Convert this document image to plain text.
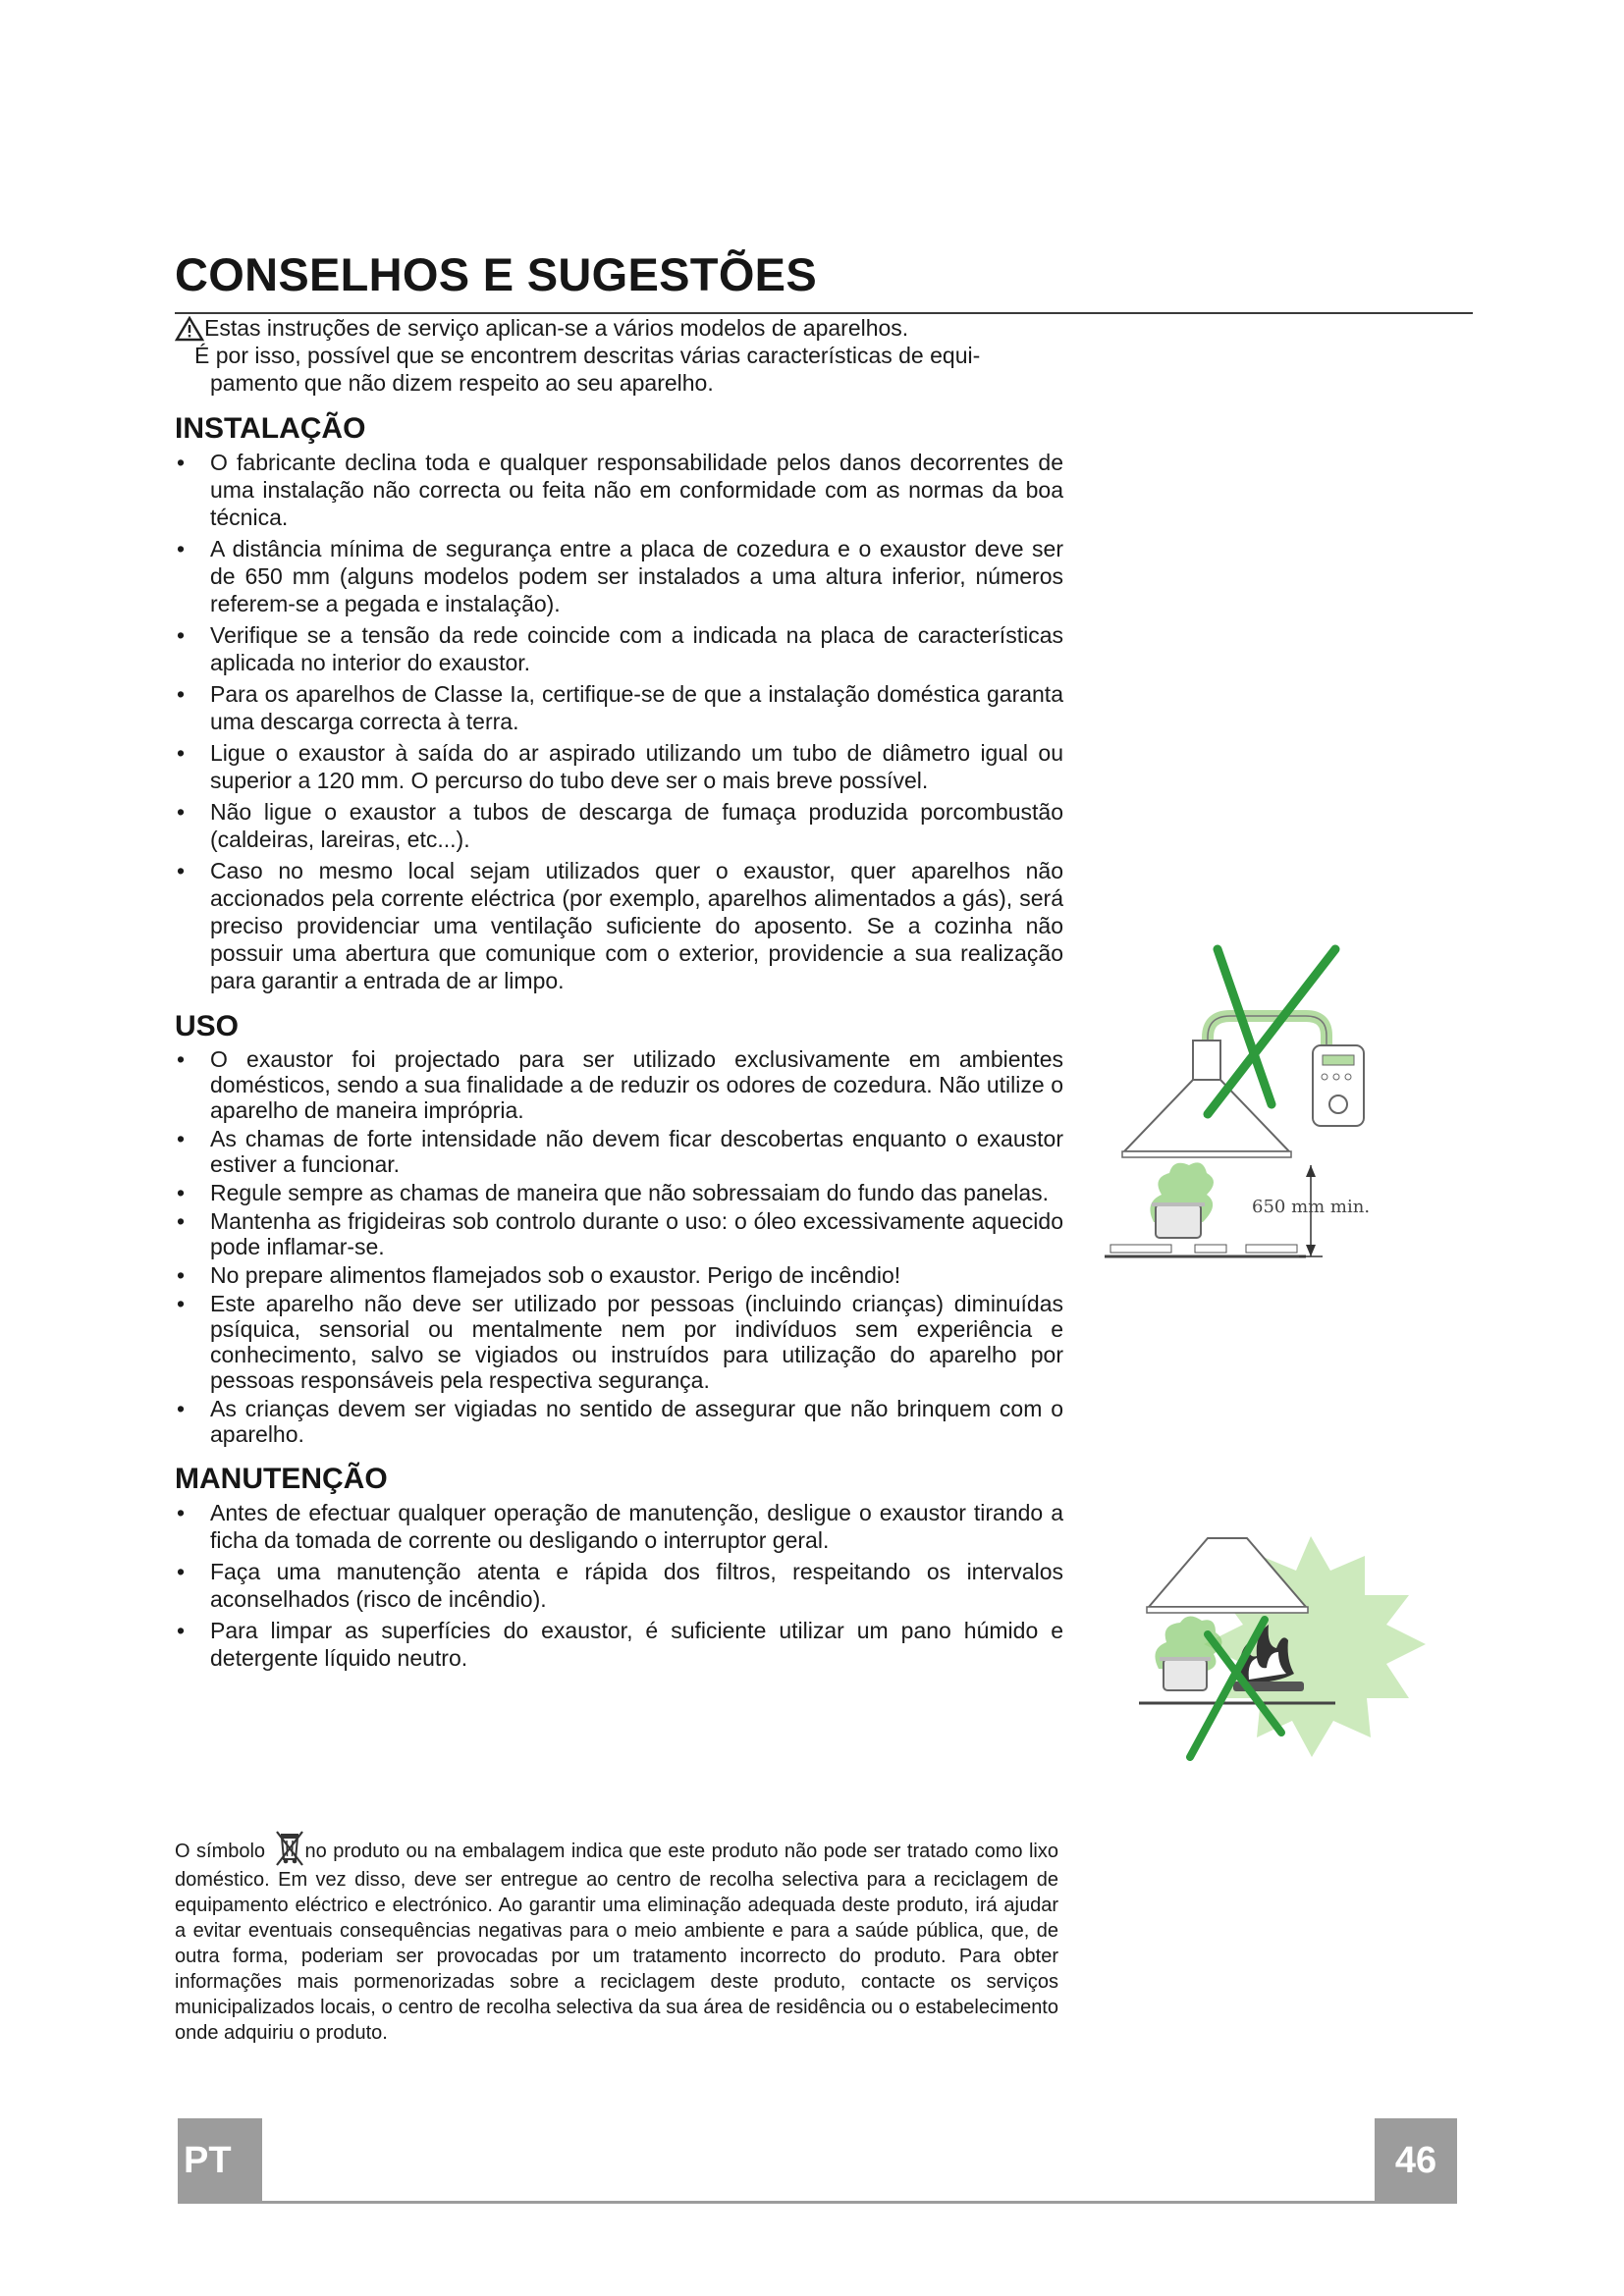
CONSELHOS E SUGESTÕES

Estas instruções de serviço aplican-se a vários modelos de aparelhos.

É por isso, possível que se encontrem descritas várias características de equi-

pamento que não dizem respeito ao seu aparelho.

INSTALAÇÃO
• O fabricante declina toda e qualquer responsabilidade pelos danos decorrentes de uma instalação não correcta ou feita não em conformidade com as normas da boa técnica.
• A distância mínima de segurança entre a placa de cozedura e o exaustor deve ser de 650 mm (alguns modelos podem ser instalados a uma altura inferior, números referem-se a pegada e instalação).
• Verifique se a tensão da rede coincide com a indicada na placa de características aplicada no interior do exaustor.
• Para os aparelhos de Classe Ia, certifique-se de que a instalação doméstica garanta uma descarga correcta à terra.
• Ligue o exaustor à saída do ar aspirado utilizando um tubo de diâmetro igual ou superior a 120 mm. O percurso do tubo deve ser o mais breve possível.
• Não ligue o exaustor a tubos de descarga de fumaça produzida porcombustão (caldeiras, lareiras, etc...).
• Caso no mesmo local sejam utilizados quer o exaustor, quer aparelhos não accionados pela corrente eléctrica (por exemplo, aparelhos alimentados a gás), será preciso providenciar uma ventilação suficiente do aposento. Se a cozinha não possuir uma abertura que comunique com o exterior, providencie a sua realização para garantir a entrada de ar limpo.
USO
• O exaustor foi projectado para ser utilizado exclusivamente em ambientes domésticos, sendo a sua finalidade a de reduzir os odores de cozedura. Não utilize o aparelho de maneira imprópria.
• As chamas de forte intensidade não devem ficar descobertas enquanto o exaustor estiver a funcionar.
• Regule sempre as chamas de maneira que não sobressaiam do fundo das panelas.
• Mantenha as frigideiras sob controlo durante o uso: o óleo excessivamente aquecido pode inflamar-se.
• No prepare alimentos flamejados sob o exaustor. Perigo de incêndio!
• Este aparelho não deve ser utilizado por pessoas (incluindo crianças) diminuídas psíquica, sensorial ou mentalmente nem por indivíduos sem experiência e conhecimento, salvo se vigiados ou instruídos para utilização do aparelho por pessoas responsáveis pela respectiva segurança.
• As crianças devem ser vigiadas no sentido de assegurar que não brinquem com o aparelho.
MANUTENÇÃO
• Antes de efectuar qualquer operação de manutenção, desligue o exaustor tirando a ficha da tomada de corrente ou desligando o interruptor geral.
• Faça uma manutenção atenta e rápida dos filtros, respeitando os intervalos aconselhados (risco de incêndio).
• Para limpar as superfícies do exaustor, é suficiente utilizar um pano húmido e detergente líquido neutro.

O símbolo no produto ou na embalagem indica que este produto não pode ser tratado como lixo doméstico. Em vez disso, deve ser entregue ao centro de recolha selectiva para a reciclagem de equipamento eléctrico e electrónico. Ao garantir uma eliminação adequada deste produto, irá ajudar a evitar eventuais consequências negativas para o meio ambiente e para a saúde pública, que, de outra forma, poderiam ser provocadas por um tratamento incorrecto do produto. Para obter informações mais pormenorizadas sobre a reciclagem deste produto, contacte os serviços municipalizados locais, o centro de recolha selectiva da sua área de residência ou o estabelecimento onde adquiriu o produto.

650 mm min.
PT	46
